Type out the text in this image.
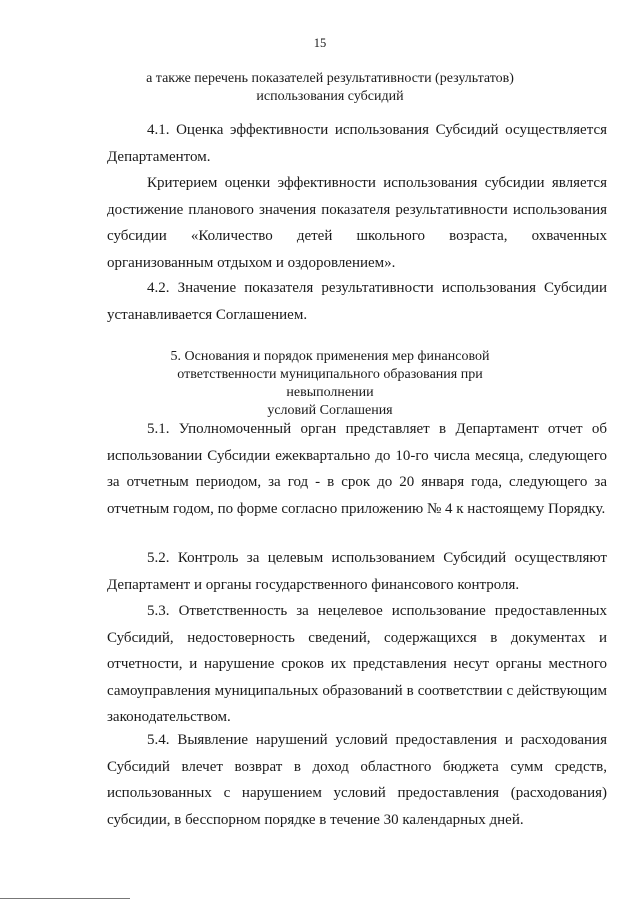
15
а также перечень показателей результативности (результатов)
использования субсидий

4.1. Оценка эффективности использования Субсидий осуществляется Департаментом.

Критерием оценки эффективности использования субсидии является достижение планового значения показателя результативности использования субсидии «Количество детей школьного возраста, охваченных организованным отдыхом и оздоровлением».

4.2. Значение показателя результативности использования Субсидии устанавливается Соглашением.

5. Основания и порядок применения мер финансовой
ответственности муниципального образования при невыполнении
условий Соглашения

5.1. Уполномоченный орган представляет в Департамент отчет об использовании Субсидии ежеквартально до 10-го числа месяца, следующего за отчетным периодом, за год - в срок до 20 января года, следующего за отчетным годом, по форме согласно приложению № 4 к настоящему Порядку.

5.2. Контроль за целевым использованием Субсидий осуществляют Департамент и органы государственного финансового контроля.

5.3. Ответственность за нецелевое использование предоставленных Субсидий, недостоверность сведений, содержащихся в документах и отчетности, и нарушение сроков их представления несут органы местного самоуправления муниципальных образований в соответствии с действующим законодательством.

5.4. Выявление нарушений условий предоставления и расходования Субсидий влечет возврат в доход областного бюджета сумм средств, использованных с нарушением условий предоставления (расходования) субсидии, в бесспорном порядке в течение 30 календарных дней.
